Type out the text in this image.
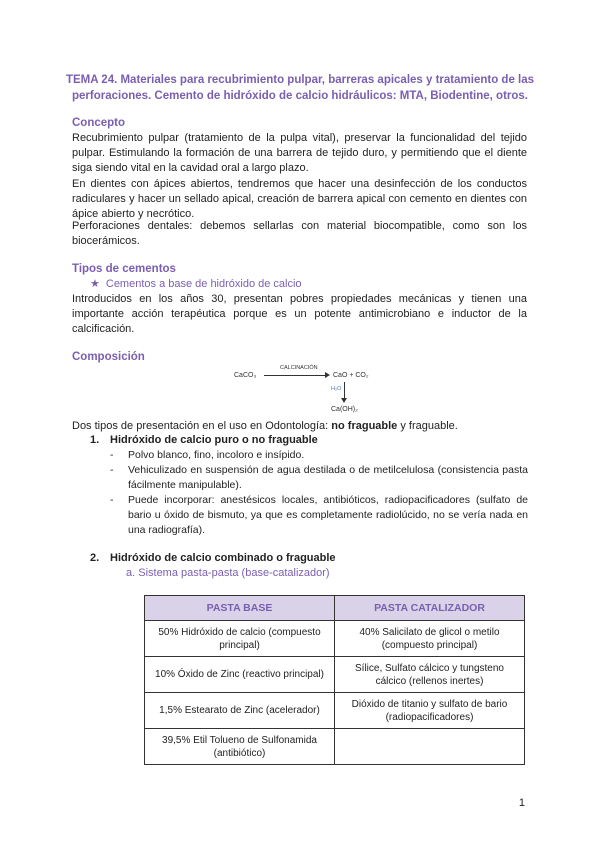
TEMA 24. Materiales para recubrimiento pulpar, barreras apicales y tratamiento de las perforaciones. Cemento de hidróxido de calcio hidráulicos: MTA, Biodentine, otros.
Concepto
Recubrimiento pulpar (tratamiento de la pulpa vital), preservar la funcionalidad del tejido pulpar. Estimulando la formación de una barrera de tejido duro, y permitiendo que el diente siga siendo vital en la cavidad oral a largo plazo.
En dientes con ápices abiertos, tendremos que hacer una desinfección de los conductos radiculares y hacer un sellado apical, creación de barrera apical con cemento en dientes con ápice abierto y necrótico.
Perforaciones dentales: debemos sellarlas con material biocompatible, como son los biocerámicos.
Tipos de cementos
★ Cementos a base de hidróxido de calcio
Introducidos en los años 30, presentan pobres propiedades mecánicas y tienen una importante acción terapéutica porque es un potente antimicrobiano e inductor de la calcificación.
Composición
CaCO₃
CALCINACIÓN
CaO + CO₂
H₂O
Ca(OH)₂
Dos tipos de presentación en el uso en Odontología: no fraguable y fraguable.
1. Hidróxido de calcio puro o no fraguable
- Polvo blanco, fino, incoloro e insípido.
- Vehiculizado en suspensión de agua destilada o de metilcelulosa (consistencia pasta fácilmente manipulable).
- Puede incorporar: anestésicos locales, antibióticos, radiopacificadores (sulfato de bario u óxido de bismuto, ya que es completamente radiolúcido, no se vería nada en una radiografía).
2. Hidróxido de calcio combinado o fraguable
a. Sistema pasta-pasta (base-catalizador)
PASTA BASE	PASTA CATALIZADOR
50% Hidróxido de calcio (compuesto principal)	40% Salicilato de glicol o metilo (compuesto principal)
10% Óxido de Zinc (reactivo principal)	Sílice, Sulfato cálcico y tungsteno cálcico (rellenos inertes)
1,5% Estearato de Zinc (acelerador)	Dióxido de titanio y sulfato de bario (radiopacificadores)
39,5% Etil Tolueno de Sulfonamida (antibiótico)	
1
